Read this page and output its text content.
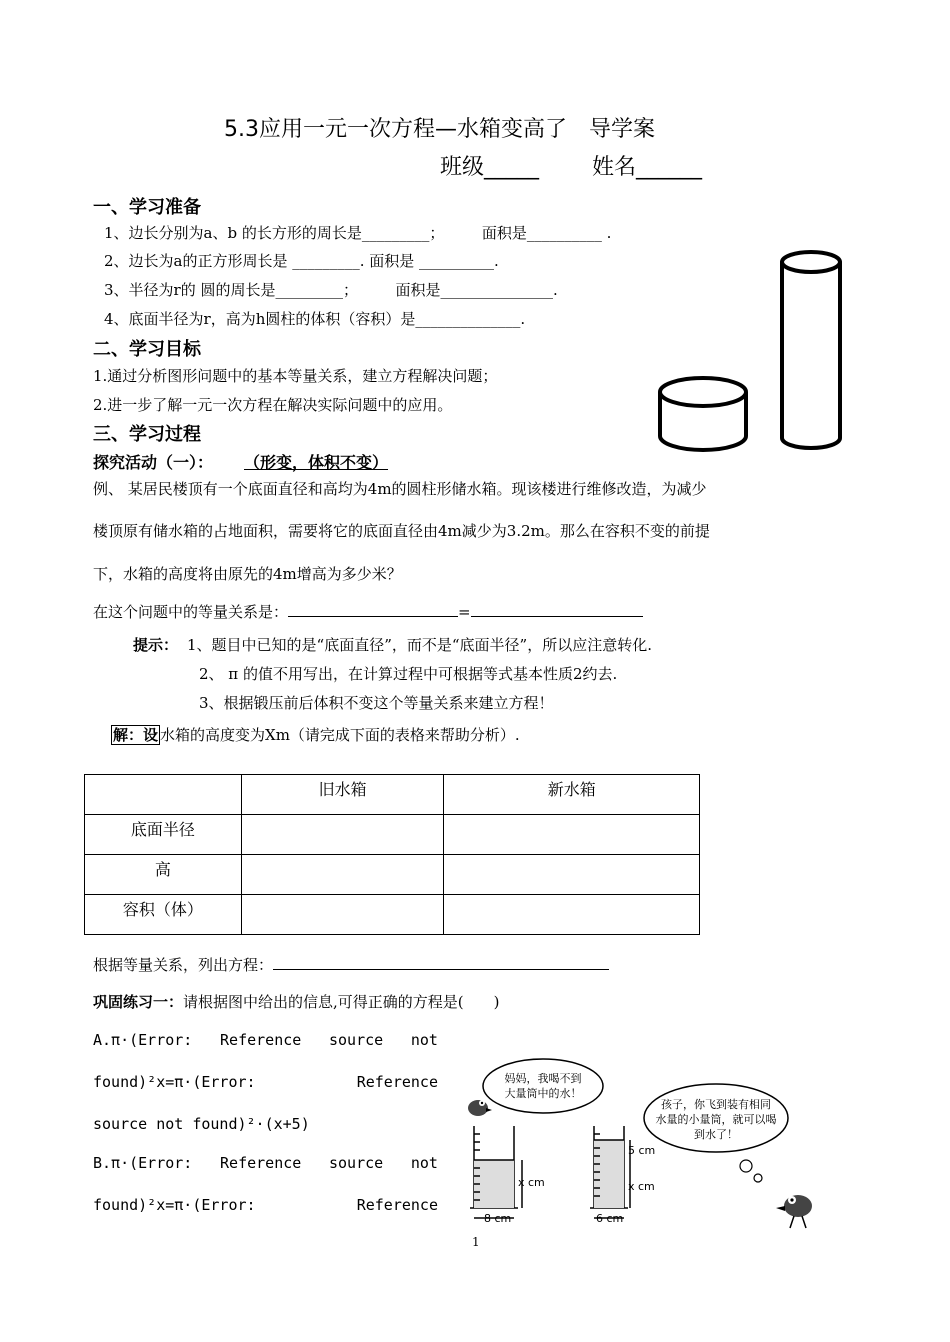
5.3应用一元一次方程—水箱变高了　导学案
班级_____ 姓名______
一、学习准备
1、边长分别为a、b 的长方形的周长是_________；　　　面积是__________ .
2、边长为a的正方形周长是 _________. 面积是 __________.
3、半径为r的 圆的周长是_________；　　　面积是_______________.
4、底面半径为r，高为h圆柱的体积（容积）是______________.
二、学习目标
1.通过分析图形问题中的基本等量关系，建立方程解决问题；
2.进一步了解一元一次方程在解决实际问题中的应用。
三、学习过程
探究活动（一）： （形变，体积不变）
例、 某居民楼顶有一个底面直径和高均为4m的圆柱形储水箱。现该楼进行维修改造，为减少
楼顶原有储水箱的占地面积，需要将它的底面直径由4m减少为3.2m。那么在容积不变的前提
下，水箱的高度将由原先的4m增高为多少米？
在这个问题中的等量关系是：	=
提示： 1、题目中已知的是“底面直径”，而不是“底面半径”，所以应注意转化.
2、 π 的值不用写出，在计算过程中可根据等式基本性质2约去.
3、根据锻压前后体积不变这个等量关系来建立方程！
解：设 水箱的高度变为Xm（请完成下面的表格来帮助分析）.
	旧水箱	新水箱
底面半径		
高		
容积（体）		
根据等量关系，列出方程：
巩固练习一：请根据图中给出的信息,可得正确的方程是(　　)
A.π·(Error: Reference source not
found)²x=π·(Error:	Reference
source not found)²·(x+5)
B.π·(Error: Reference source not
found)²x=π·(Error:	Reference
妈妈，我喝不到
大量筒中的水！
x cm
8 cm
5 cm
x cm
6 cm
孩子，你飞到装有相同
水量的小量筒，就可以喝
到水了！
1
